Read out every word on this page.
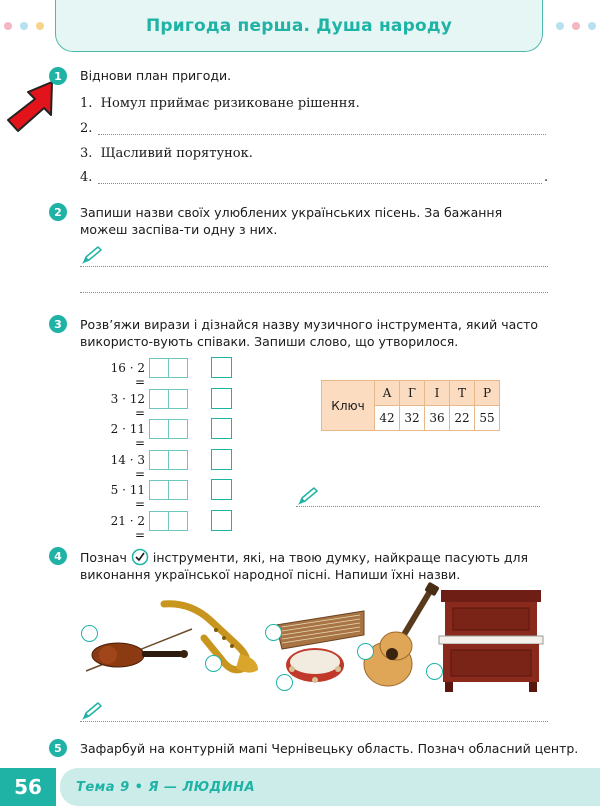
Пригода перша. Душа народу
1	Віднови план пригоди.
1. Номул приймає ризиковане рішення.
2.
3. Щасливий порятунок.
4.	.
2	Запиши назви своїх улюблених українських пісень. За бажання можеш заспіва-ти одну з них.
3	Розв’яжи вирази і дізнайся назву музичного інструмента, який часто використо-вують співаки. Запиши слово, що утворилося.
16 · 2 =
3 · 12 =
2 · 11 =
14 · 3 =
5 · 11 =
21 · 2 =
Ключ	А	Г	І	Т	Р
	42	32	36	22	55
4	Познач інструменти, які, на твою думку, найкраще пасують для виконання української народної пісні. Напиши їхні назви.
5	Зафарбуй на контурній мапі Чернівецьку область. Познач обласний центр.
56	Тема 9 • Я — ЛЮДИНА
